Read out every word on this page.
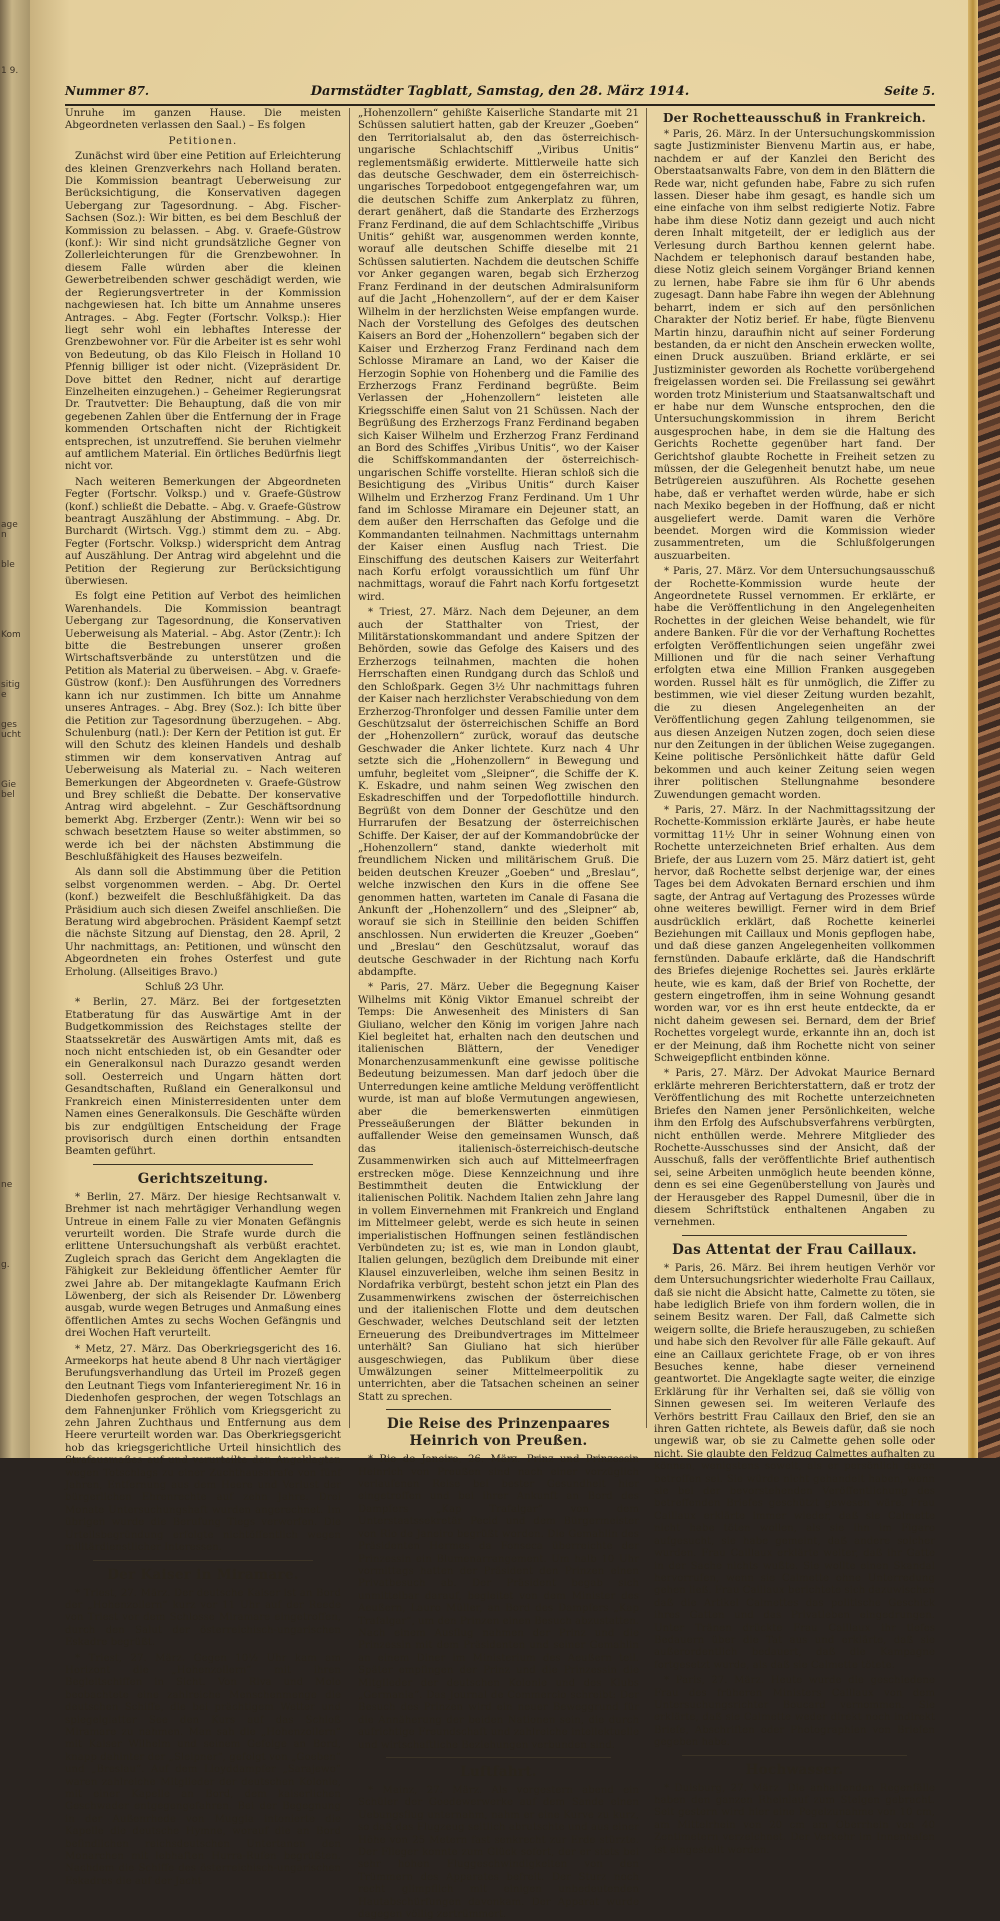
1 9.
agen
ble
Kom
sitige
gesucht
Giebel
ne
g.
Nummer 87.	Darmstädter Tagblatt, Samstag, den 28. März 1914.	Seite 5.

Unruhe im ganzen Hause. Die meisten Abgeordneten verlassen den Saal.) – Es folgen

Petitionen.

Zunächst wird über eine Petition auf Erleichterung des kleinen Grenzverkehrs nach Holland beraten. Die Kommission beantragt Ueberweisung zur Berücksichtigung, die Konservativen dagegen Uebergang zur Tagesordnung. – Abg. Fischer-Sachsen (Soz.): Wir bitten, es bei dem Beschluß der Kommission zu belassen. – Abg. v. Graefe-Güstrow (konf.): Wir sind nicht grundsätzliche Gegner von Zollerleichterungen für die Grenzbewohner. In diesem Falle würden aber die kleinen Gewerbetreibenden schwer geschädigt werden, wie der Regierungsvertreter in der Kommission nachgewiesen hat. Ich bitte um Annahme unseres Antrages. – Abg. Fegter (Fortschr. Volksp.): Hier liegt sehr wohl ein lebhaftes Interesse der Grenzbewohner vor. Für die Arbeiter ist es sehr wohl von Bedeutung, ob das Kilo Fleisch in Holland 10 Pfennig billiger ist oder nicht. (Vizepräsident Dr. Dove bittet den Redner, nicht auf derartige Einzelheiten einzugehen.) – Geheimer Regierungsrat Dr. Trautvetter: Die Behauptung, daß die von mir gegebenen Zahlen über die Entfernung der in Frage kommenden Ortschaften nicht der Richtigkeit entsprechen, ist unzutreffend. Sie beruhen vielmehr auf amtlichem Material. Ein örtliches Bedürfnis liegt nicht vor.

Nach weiteren Bemerkungen der Abgeordneten Fegter (Fortschr. Volksp.) und v. Graefe-Güstrow (konf.) schließt die Debatte. – Abg. v. Graefe-Güstrow beantragt Auszählung der Abstimmung. – Abg. Dr. Burchardt (Wirtsch. Vgg.) stimmt dem zu. – Abg. Fegter (Fortschr. Volksp.) widerspricht dem Antrag auf Auszählung. Der Antrag wird abgelehnt und die Petition der Regierung zur Berücksichtigung überwiesen.

Es folgt eine Petition auf Verbot des heimlichen Warenhandels. Die Kommission beantragt Uebergang zur Tagesordnung, die Konservativen Ueberweisung als Material. – Abg. Astor (Zentr.): Ich bitte die Bestrebungen unserer großen Wirtschaftsverbände zu unterstützen und die Petition als Material zu überweisen. – Abg. v. Graefe-Güstrow (konf.): Den Ausführungen des Vorredners kann ich nur zustimmen. Ich bitte um Annahme unseres Antrages. – Abg. Brey (Soz.): Ich bitte über die Petition zur Tagesordnung überzugehen. – Abg. Schulenburg (natl.): Der Kern der Petition ist gut. Er will den Schutz des kleinen Handels und deshalb stimmen wir dem konservativen Antrag auf Ueberweisung als Material zu. – Nach weiteren Bemerkungen der Abgeordneten v. Graefe-Güstrow und Brey schließt die Debatte. Der konservative Antrag wird abgelehnt. – Zur Geschäftsordnung bemerkt Abg. Erzberger (Zentr.): Wenn wir bei so schwach besetztem Hause so weiter abstimmen, so werde ich bei der nächsten Abstimmung die Beschlußfähigkeit des Hauses bezweifeln.

Als dann soll die Abstimmung über die Petition selbst vorgenommen werden. – Abg. Dr. Oertel (konf.) bezweifelt die Beschlußfähigkeit. Da das Präsidium auch sich diesen Zweifel anschließen. Die Beratung wird abgebrochen. Präsident Kaempf setzt die nächste Sitzung auf Dienstag, den 28. April, 2 Uhr nachmittags, an: Petitionen, und wünscht den Abgeordneten ein frohes Osterfest und gute Erholung. (Allseitiges Bravo.)

Schluß 2⁄3 Uhr.

* Berlin, 27. März. Bei der fortgesetzten Etatberatung für das Auswärtige Amt in der Budgetkommission des Reichstages stellte der Staatssekretär des Auswärtigen Amts mit, daß es noch nicht entschieden ist, ob ein Gesandter oder ein Generalkonsul nach Durazzo gesandt werden soll. Oesterreich und Ungarn hätten dort Gesandtschaften, Rußland ein Generalkonsul und Frankreich einen Ministerresidenten unter dem Namen eines Generalkonsuls. Die Geschäfte würden bis zur endgültigen Entscheidung der Frage provisorisch durch einen dorthin entsandten Beamten geführt.

Gerichtszeitung.

* Berlin, 27. März. Der hiesige Rechtsanwalt v. Brehmer ist nach mehrtägiger Verhandlung wegen Untreue in einem Falle zu vier Monaten Gefängnis verurteilt worden. Die Strafe wurde durch die erlittene Untersuchungshaft als verbüßt erachtet. Zugleich sprach das Gericht dem Angeklagten die Fähigkeit zur Bekleidung öffentlicher Aemter für zwei Jahre ab. Der mitangeklagte Kaufmann Erich Löwenberg, der sich als Reisender Dr. Löwenberg ausgab, wurde wegen Betruges und Anmaßung eines öffentlichen Amtes zu sechs Wochen Gefängnis und drei Wochen Haft verurteilt.

* Metz, 27. März. Das Oberkriegsgericht des 16. Armeekorps hat heute abend 8 Uhr nach viertägiger Berufungsverhandlung das Urteil im Prozeß gegen den Leutnant Tiegs vom Infanterieregiment Nr. 16 in Diedenhofen gesprochen, der wegen Totschlags an dem Fahnenjunker Fröhlich vom Kriegsgericht zu zehn Jahren Zuchthaus und Entfernung aus dem Heere verurteilt worden war. Das Oberkriegsgericht hob das kriegsgerichtliche Urteil hinsichtlich des Strafausmaßes auf und verurteilte den Angeklagten wegen Totschlags zu einer Zuchthausstrafe von fünf Jahren, Entfernung aus dem Heere und Verlust der bürgerlichen Ehrenrechte auf zehn Jahre. Drei Monate Untersuchungshaft wurden angerechnet. Im übrigen wurde die Berufung Tiegs verworfen. Die Urteilsbegründung erfolgte nichtöffentlich wegen militärdienstlicher Interessen.

Der Kaiser in Miramare.

* Triest, 27. März. Der deutsche Kaiser ist an Bord der „Hohenzollern“ kurz vor 11 Uhr auf der Reede von Triest vor dem Schlosse Miramare eingetroffen, durch den Salut der österreichisch-ungarischen Eskadre begrüßt.

* Triest, 27. März. Gegen 10½ Uhr kam am Horizont die „Hohenzollern“ mit ihren Begleitschiffen in Sicht. Von Riva und Molo beobachtete eine zahlreiche Menschenmenge die deutschen Schiffe, die bei prächtigem Wetter und spiegelglatter See den Kurs auf das Schloß Miramare zu nahmen. Man sah die „Hohenzollern“ mit Kaiser Wilhelm und seinem Gefolge an Bord, knapp dahinter der „Sleipner“, gefolgt von „Goeben“ und „Breslau“. Auf dem Lloyddampfer „Sarajewo“ waren zahlreiche Mitglieder der deutschen Kolonie, mit einer Kapelle an Bord, dem kaiserlichen Geschwader entgegengefahren. Bei der Begegnung in der Außenrhede von Muggia intonierte die Kapelle die deutsche Hymne, worauf die an Bord befindlichen reichsdeutschen Untertanen den Monarchen mit lebhaften Hurra-Rufen begrüßten. Nachdem die Schiffe des österreichisch-ungarischen Eskadres die auf der Jacht

„Hohenzollern“ gehißte Kaiserliche Standarte mit 21 Schüssen salutiert hatten, gab der Kreuzer „Goeben“ den Territorialsalut ab, den das österreichisch-ungarische Schlachtschiff „Viribus Unitis“ reglementsmäßig erwiderte. Mittlerweile hatte sich das deutsche Geschwader, dem ein österreichisch-ungarisches Torpedoboot entgegengefahren war, um die deutschen Schiffe zum Ankerplatz zu führen, derart genähert, daß die Standarte des Erzherzogs Franz Ferdinand, die auf dem Schlachtschiffe „Viribus Unitis“ gehißt war, ausgenommen werden konnte, worauf alle deutschen Schiffe dieselbe mit 21 Schüssen salutierten. Nachdem die deutschen Schiffe vor Anker gegangen waren, begab sich Erzherzog Franz Ferdinand in der deutschen Admiralsuniform auf die Jacht „Hohenzollern“, auf der er dem Kaiser Wilhelm in der herzlichsten Weise empfangen wurde. Nach der Vorstellung des Gefolges des deutschen Kaisers an Bord der „Hohenzollern“ begaben sich der Kaiser und Erzherzog Franz Ferdinand nach dem Schlosse Miramare an Land, wo der Kaiser die Herzogin Sophie von Hohenberg und die Familie des Erzherzogs Franz Ferdinand begrüßte. Beim Verlassen der „Hohenzollern“ leisteten alle Kriegsschiffe einen Salut von 21 Schüssen. Nach der Begrüßung des Erzherzogs Franz Ferdinand begaben sich Kaiser Wilhelm und Erzherzog Franz Ferdinand an Bord des Schiffes „Viribus Unitis“, wo der Kaiser die Schiffskommandanten der österreichisch-ungarischen Schiffe vorstellte. Hieran schloß sich die Besichtigung des „Viribus Unitis“ durch Kaiser Wilhelm und Erzherzog Franz Ferdinand. Um 1 Uhr fand im Schlosse Miramare ein Dejeuner statt, an dem außer den Herrschaften das Gefolge und die Kommandanten teilnahmen. Nachmittags unternahm der Kaiser einen Ausflug nach Triest. Die Einschiffung des deutschen Kaisers zur Weiterfahrt nach Korfu erfolgt voraussichtlich um fünf Uhr nachmittags, worauf die Fahrt nach Korfu fortgesetzt wird.

* Triest, 27. März. Nach dem Dejeuner, an dem auch der Statthalter von Triest, der Militärstationskommandant und andere Spitzen der Behörden, sowie das Gefolge des Kaisers und des Erzherzogs teilnahmen, machten die hohen Herrschaften einen Rundgang durch das Schloß und den Schloßpark. Gegen 3½ Uhr nachmittags fuhren der Kaiser nach herzlichster Verabschiedung von dem Erzherzog-Thronfolger und dessen Familie unter dem Geschützsalut der österreichischen Schiffe an Bord der „Hohenzollern“ zurück, worauf das deutsche Geschwader die Anker lichtete. Kurz nach 4 Uhr setzte sich die „Hohenzollern“ in Bewegung und umfuhr, begleitet vom „Sleipner“, die Schiffe der K. K. Eskadre, und nahm seinen Weg zwischen den Eskadreschiffen und der Torpedoflottille hindurch. Begrüßt von dem Donner der Geschütze und den Hurrarufen der Besatzung der österreichischen Schiffe. Der Kaiser, der auf der Kommandobrücke der „Hohenzollern“ stand, dankte wiederholt mit freundlichem Nicken und militärischem Gruß. Die beiden deutschen Kreuzer „Goeben“ und „Breslau“, welche inzwischen den Kurs in die offene See genommen hatten, warteten im Canale di Fasana die Ankunft der „Hohenzollern“ und des „Sleipner“ ab, worauf sie sich in Steillinie den beiden Schiffen anschlossen. Nun erwiderten die Kreuzer „Goeben“ und „Breslau“ den Geschützsalut, worauf das deutsche Geschwader in der Richtung nach Korfu abdampfte.

* Paris, 27. März. Ueber die Begegnung Kaiser Wilhelms mit König Viktor Emanuel schreibt der Temps: Die Anwesenheit des Ministers di San Giuliano, welcher den König im vorigen Jahre nach Kiel begleitet hat, erhalten nach den deutschen und italienischen Blättern, der Venediger Monarchenzusammenkunft eine gewisse politische Bedeutung beizumessen. Man darf jedoch über die Unterredungen keine amtliche Meldung veröffentlicht wurde, ist man auf bloße Vermutungen angewiesen, aber die bemerkenswerten einmütigen Presseäußerungen der Blätter bekunden in auffallender Weise den gemeinsamen Wunsch, daß das italienisch-österreichisch-deutsche Zusammenwirken sich auch auf Mittelmeerfragen erstrecken möge. Diese Kennzeichnung und ihre Bestimmtheit deuten die Entwicklung der italienischen Politik. Nachdem Italien zehn Jahre lang in vollem Einvernehmen mit Frankreich und England im Mittelmeer gelebt, werde es sich heute in seinen imperialistischen Hoffnungen seinen festländischen Verbündeten zu; ist es, wie man in London glaubt, Italien gelungen, bezüglich dem Dreibunde mit einer Klausel einzuverleiben, welche ihm seinen Besitz in Nordafrika verbürgt, besteht schon jetzt ein Plan des Zusammenwirkens zwischen der österreichischen und der italienischen Flotte und dem deutschen Geschwader, welches Deutschland seit der letzten Erneuerung des Dreibundvertrages im Mittelmeer unterhält? San Giuliano hat sich hierüber ausgeschwiegen, das Publikum über diese Umwälzungen seiner Mittelmeerpolitik zu unterrichten, aber die Tatsachen scheinen an seiner Statt zu sprechen.

Die Reise des Prinzenpaares Heinrich von Preußen.

* Rio de Janeiro, 26. März. Prinz und Prinzessin Heinrich von Preußen sind nach einer vorzüglich verlaufenen Reise bei bester Gesundheit hier eingetroffen und bei ihrer Ankunft an Bord des Dampfers „Kap Trafalgar“ von dem Unterstaatssekretär Pecid und dem Bürgermeister von Rio de Janeiro begrüßt worden. Die Gemahlin des Präsidenten Hermes da Fonseca überreichte der Prinzessin ein Blumenarrangement. Um halb 10 Uhr vormittags hatten der Präsident den Prinzen einen Privatbesuch ab. Der Präsident begab sich unmittelbar darauf, begleitet von dem Minister des Aeußern, Lauro Müller, an Bord des Dampfers „Kap Trafalgar“, um den Prinzen einen Besuch abzustatten. Nach einem Ausflug nahmen der Prinz und die Prinzessin mit dem Präsidenten und seiner Gemahlin an einem Diner im Ministerium des Aeußern teil. Später empfingen der Prinz und die Prinzessin die Mitglieder der deutschen Kolonie und des Klubs „Germania“. Das Journal de Commercio schreibt: Der Besuch des Prinzen wird ein neuer Beweggrund für die Annäherung der beiden Nationen sein, die durch aufrichtige Freundschaft und zahlreiche intellektuelle und wirtschaftliche Beziehungen verbunden sind.

Luftfahrt.

* Mainz, 27. März. Als vorgestern abend ein Schüler der Goedewerwerke auf dem Sande einen Uebungsflug unternahm, nahm er eine Kurve zu kurz, so daß das Flugzeug seitlich abrutschte und aus einer Höhe von 25 Metern fast senkrecht zur Erde stürzte. Der Flieger konnte zum Glück sofort, der er stets bei sehr hohen Fluggeschwindigkeiten von den Trümmern des Apparates befreit. Der Sturz noch recht glimpflich mit einigen unbedeutenden Hautabschürfungen davonkam. Der Apparat wurde dagegen völlig zertrümmert.

Der Rochetteausschuß in Frankreich.

* Paris, 26. März. In der Untersuchungskommission sagte Justizminister Bienvenu Martin aus, er habe, nachdem er auf der Kanzlei den Bericht des Oberstaatsanwalts Fabre, von dem in den Blättern die Rede war, nicht gefunden habe, Fabre zu sich rufen lassen. Dieser habe ihm gesagt, es handle sich um eine einfache von ihm selbst redigierte Notiz. Fabre habe ihm diese Notiz dann gezeigt und auch nicht deren Inhalt mitgeteilt, der er lediglich aus der Verlesung durch Barthou kennen gelernt habe. Nachdem er telephonisch darauf bestanden habe, diese Notiz gleich seinem Vorgänger Briand kennen zu lernen, habe Fabre sie ihm für 6 Uhr abends zugesagt. Dann habe Fabre ihn wegen der Ablehnung beharrt, indem er sich auf den persönlichen Charakter der Notiz berief. Er habe, fügte Bienvenu Martin hinzu, daraufhin nicht auf seiner Forderung bestanden, da er nicht den Anschein erwecken wollte, einen Druck auszuüben. Briand erklärte, er sei Justizminister geworden als Rochette vorübergehend freigelassen worden sei. Die Freilassung sei gewährt worden trotz Ministerium und Staatsanwaltschaft und er habe nur dem Wunsche entsprochen, den die Untersuchungskommission in ihrem Bericht ausgesprochen habe, in dem sie die Haltung des Gerichts Rochette gegenüber hart fand. Der Gerichtshof glaubte Rochette in Freiheit setzen zu müssen, der die Gelegenheit benutzt habe, um neue Betrügereien auszuführen. Als Rochette gesehen habe, daß er verhaftet werden würde, habe er sich nach Mexiko begeben in der Hoffnung, daß er nicht ausgeliefert werde. Damit waren die Verhöre beendet. Morgen wird die Kommission wieder zusammentreten, um die Schlußfolgerungen auszuarbeiten.

* Paris, 27. März. Vor dem Untersuchungsausschuß der Rochette-Kommission wurde heute der Angeordnetete Russel vernommen. Er erklärte, er habe die Veröffentlichung in den Angelegenheiten Rochettes in der gleichen Weise behandelt, wie für andere Banken. Für die vor der Verhaftung Rochettes erfolgten Veröffentlichungen seien ungefähr zwei Millionen und für die nach seiner Verhaftung erfolgten etwa eine Million Franken ausgegeben worden. Russel hält es für unmöglich, die Ziffer zu bestimmen, wie viel dieser Zeitung wurden bezahlt, die zu diesen Angelegenheiten an der Veröffentlichung gegen Zahlung teilgenommen, sie aus diesen Anzeigen Nutzen zogen, doch seien diese nur den Zeitungen in der üblichen Weise zugegangen. Keine politische Persönlichkeit hätte dafür Geld bekommen und auch keiner Zeitung seien wegen ihrer politischen Stellungnahme besondere Zuwendungen gemacht worden.

* Paris, 27. März. In der Nachmittagssitzung der Rochette-Kommission erklärte Jaurès, er habe heute vormittag 11½ Uhr in seiner Wohnung einen von Rochette unterzeichneten Brief erhalten. Aus dem Briefe, der aus Luzern vom 25. März datiert ist, geht hervor, daß Rochette selbst derjenige war, der eines Tages bei dem Advokaten Bernard erschien und ihm sagte, der Antrag auf Vertagung des Prozesses würde ohne weiteres bewilligt. Ferner wird in dem Brief ausdrücklich erklärt, daß Rochette keinerlei Beziehungen mit Caillaux und Monis gepflogen habe, und daß diese ganzen Angelegenheiten vollkommen fernstünden. Dabaufe erklärte, daß die Handschrift des Briefes diejenige Rochettes sei. Jaurès erklärte heute, wie es kam, daß der Brief von Rochette, der gestern eingetroffen, ihm in seine Wohnung gesandt worden war, vor es ihn erst heute entdeckte, da er nicht daheim gewesen sei. Bernard, dem der Brief Rochettes vorgelegt wurde, erkannte ihn an, doch ist er der Meinung, daß ihm Rochette nicht von seiner Schweigepflicht entbinden könne.

* Paris, 27. März. Der Advokat Maurice Bernard erklärte mehreren Berichterstattern, daß er trotz der Veröffentlichung des mit Rochette unterzeichneten Briefes den Namen jener Persönlichkeiten, welche ihm den Erfolg des Aufschubsverfahrens verbürgten, nicht enthüllen werde. Mehrere Mitglieder des Rochette-Ausschusses sind der Ansicht, daß der Ausschuß, falls der veröffentlichte Brief authentisch sei, seine Arbeiten unmöglich heute beenden könne, denn es sei eine Gegenüberstellung von Jaurès und der Herausgeber des Rappel Dumesnil, über die in diesem Schriftstück enthaltenen Angaben zu vernehmen.

Das Attentat der Frau Caillaux.

* Paris, 26. März. Bei ihrem heutigen Verhör vor dem Untersuchungsrichter wiederholte Frau Caillaux, daß sie nicht die Absicht hatte, Calmette zu töten, sie habe lediglich Briefe von ihm fordern wollen, die in seinem Besitz waren. Der Fall, daß Calmette sich weigern sollte, die Briefe herauszugeben, zu schießen und habe sich den Revolver für alle Fälle gekauft. Auf eine an Caillaux gerichtete Frage, ob er von ihres Besuches kenne, habe dieser verneinend geantwortet. Die Angeklagte sagte weiter, die einzige Erklärung für ihr Verhalten sei, daß sie völlig von Sinnen gewesen sei. Im weiteren Verlaufe des Verhörs bestritt Frau Caillaux den Brief, den sie an ihren Gatten richtete, als Beweis dafür, daß sie noch ungewiß war, ob sie zu Calmette gehen solle oder nicht. Sie glaubte den Feldzug Calmettes aufhalten zu können, wenigstens soweit, als er persönlich davon betroffen sei. Sie würde nicht gehandelt haben, wenn sie bei der bevorstehenden Veröffentlichung des betreffenden Briefes geschützt gewesen wäre. Frau Caillaux erklärte immer wieder, daß sie Calmette nicht habe töten wollen, als sie ihn im Figaro aufgesucht, sie habe gemeint, daß andere solcher wurden. Frau Caillaux erklärte weiter, daß ihr Gatte in der Sache nichts wußte. Sie wollte einen Skandal hervorrufen, wenn sie Calmette ohne Unterredung gehen ließ. Frau Caillaux berichtete sich dazuwischen daß die Artikel Calmettes das politische Geschick ihres Gatten und das Privatleben eingedrungen. Unter Tränen drückte Frau Caillaux ihr tiefes Bedauern über die Tat aus und erklärte, daß sie außerordentlich bedauert, daß die Kampagne fortgesetzt wurde, als daß sie Calmette tötete.

* Paris, 27. März. Heute wurde die geschiedene Frau des früheren Ministers Caillaux von dem Untersuchungsrichter Boucard vernommen. Sie erklärte, daß sie Calmette weder direkt noch indirekt Briefe, Abschriften oder Photographien von Briefen gegeben habe.

Hochwasser.

* Duisburg, 27. März. Die anhaltenden Regenfälle haben den ganzen Rheinlauf zum Steigen gebracht. Seit gestern wird hier eine Pegelzunahme von 10 cm, am Mittelrhein von 20 cm am Oberrhein von 40 Zentimetern verzeichnet. Der Verkehr im Innenhafen ist eingestellt worden.
